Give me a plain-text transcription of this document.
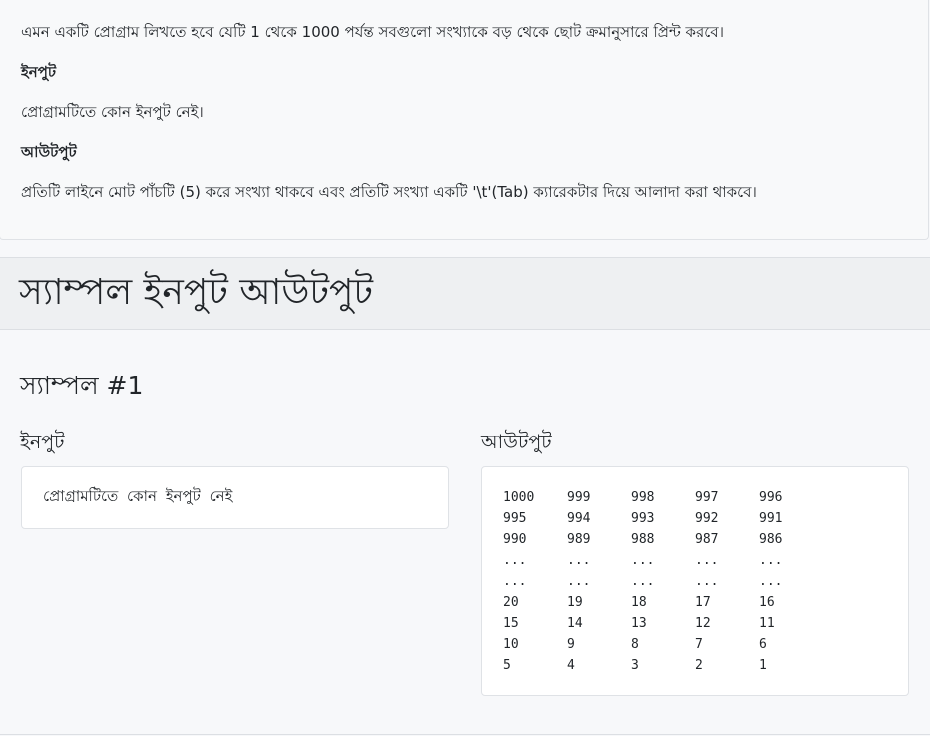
এমন একটি প্রোগ্রাম লিখতে হবে যেটি 1 থেকে 1000 পর্যন্ত সবগুলো সংখ্যাকে বড় থেকে ছোট ক্রমানুসারে প্রিন্ট করবে।
ইনপুট
প্রোগ্রামটিতে কোন ইনপুট নেই।
আউটপুট
প্রতিটি লাইনে মোট পাঁচটি (5) করে সংখ্যা থাকবে এবং প্রতিটি সংখ্যা একটি '\t'(Tab) ক্যারেকটার দিয়ে আলাদা করা থাকবে।
স্যাম্পল ইনপুট আউটপুট
স্যাম্পল #1
ইনপুট	আউটপুট
প্রোগ্রামটিতে কোন ইনপুট নেই	1000	999	998	997	996
995	994	993	992	991
990	989	988	987	986
...	...	...	...	...
...	...	...	...	...
20	19	18	17	16
15	14	13	12	11
10	9	8	7	6
5	4	3	2	1
